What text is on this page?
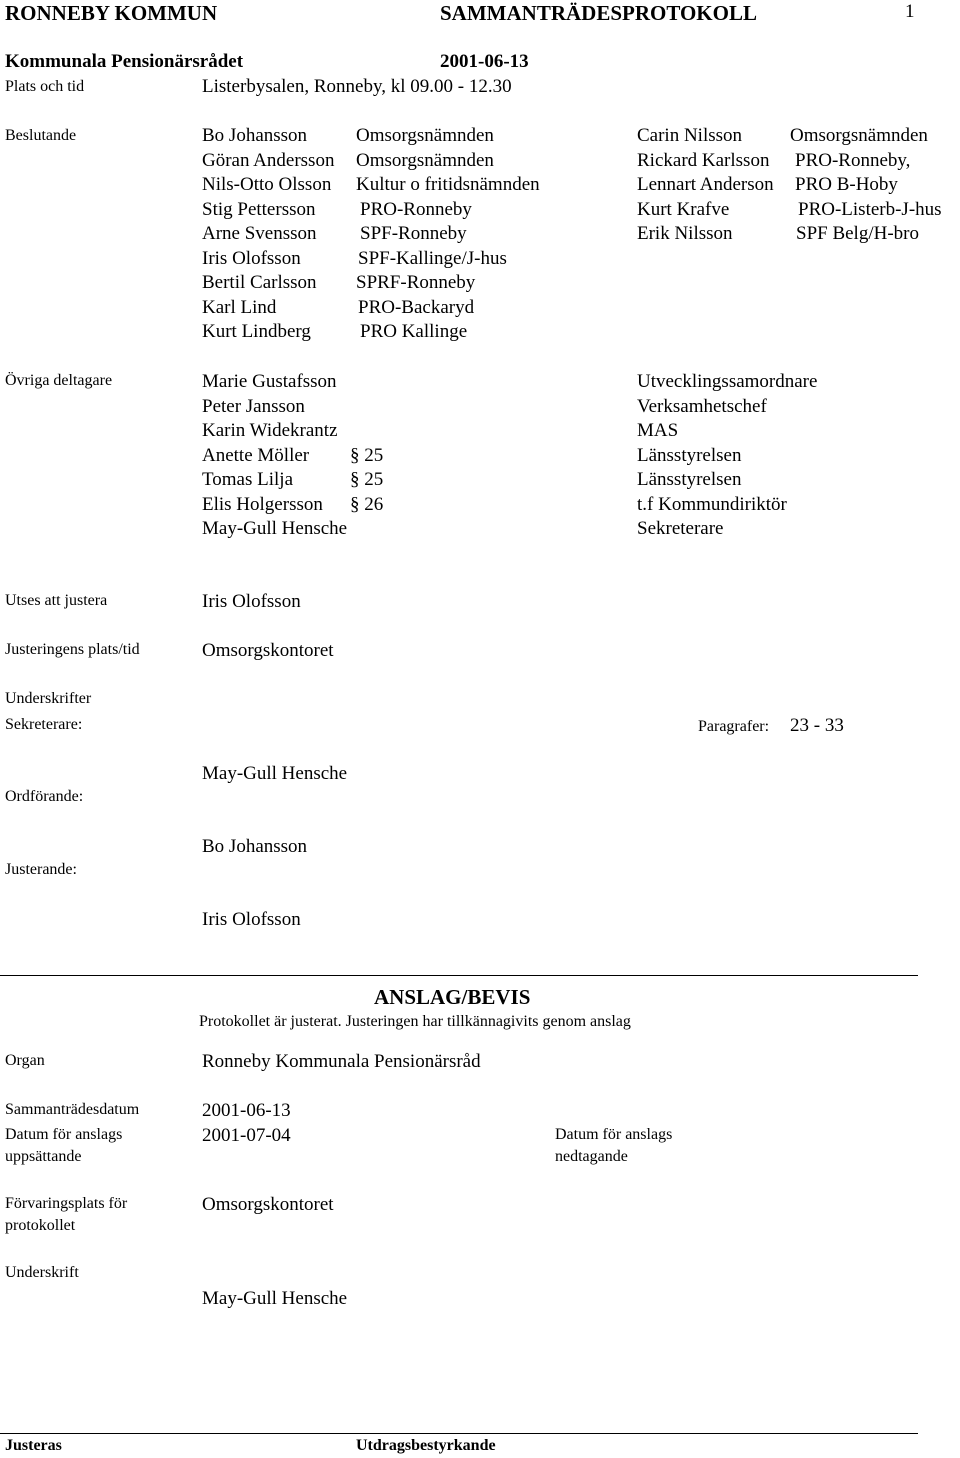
RONNEBY KOMMUN	SAMMANTRÄDESPROTOKOLL	1
Kommunala Pensionärsrådet	2001-06-13
Plats och tid	Listerbysalen, Ronneby, kl 09.00 - 12.30
Beslutande	Bo Johansson	Omsorgsnämnden
Göran Andersson Omsorgsnämnden
Nils-Otto Olsson Kultur o fritidsnämnden
Stig Pettersson PRO-Ronneby
Arne Svensson SPF-Ronneby
Iris Olofsson	SPF-Kallinge/J-hus
Bertil Carlsson SPRF-Ronneby
Karl Lind	PRO-Backaryd
Kurt Lindberg	PRO Kallinge
Carin Nilsson	Omsorgsnämnden
Rickard Karlsson PRO-Ronneby,
Lennart Anderson PRO B-Hoby
Kurt Krafve	PRO-Listerb-J-hus
Erik Nilsson	SPF Belg/H-bro
Övriga deltagare	Marie Gustafsson	Utvecklingssamordnare
Peter Jansson	Verksamhetschef
Karin Widekrantz	MAS
Anette Möller § 25	Länsstyrelsen
Tomas Lilja	§ 25	Länsstyrelsen
Elis Holgersson § 26	t.f Kommundiriktör
May-Gull Hensche	Sekreterare
Utses att justera	Iris Olofsson
Justeringens plats/tid	Omsorgskontoret
Underskrifter
Sekreterare:	Paragrafer: 23 - 33
May-Gull Hensche
Ordförande:
Bo Johansson
Justerande:
Iris Olofsson
ANSLAG/BEVIS
Protokollet är justerat. Justeringen har tillkännagivits genom anslag
Organ	Ronneby Kommunala Pensionärsråd
Sammanträdesdatum	2001-06-13
Datum för anslags
uppsättande
2001-07-04	Datum för anslags
nedtagande
Förvaringsplats för
protokollet
Omsorgskontoret
Underskrift
May-Gull Hensche
Justeras	Utdragsbestyrkande
